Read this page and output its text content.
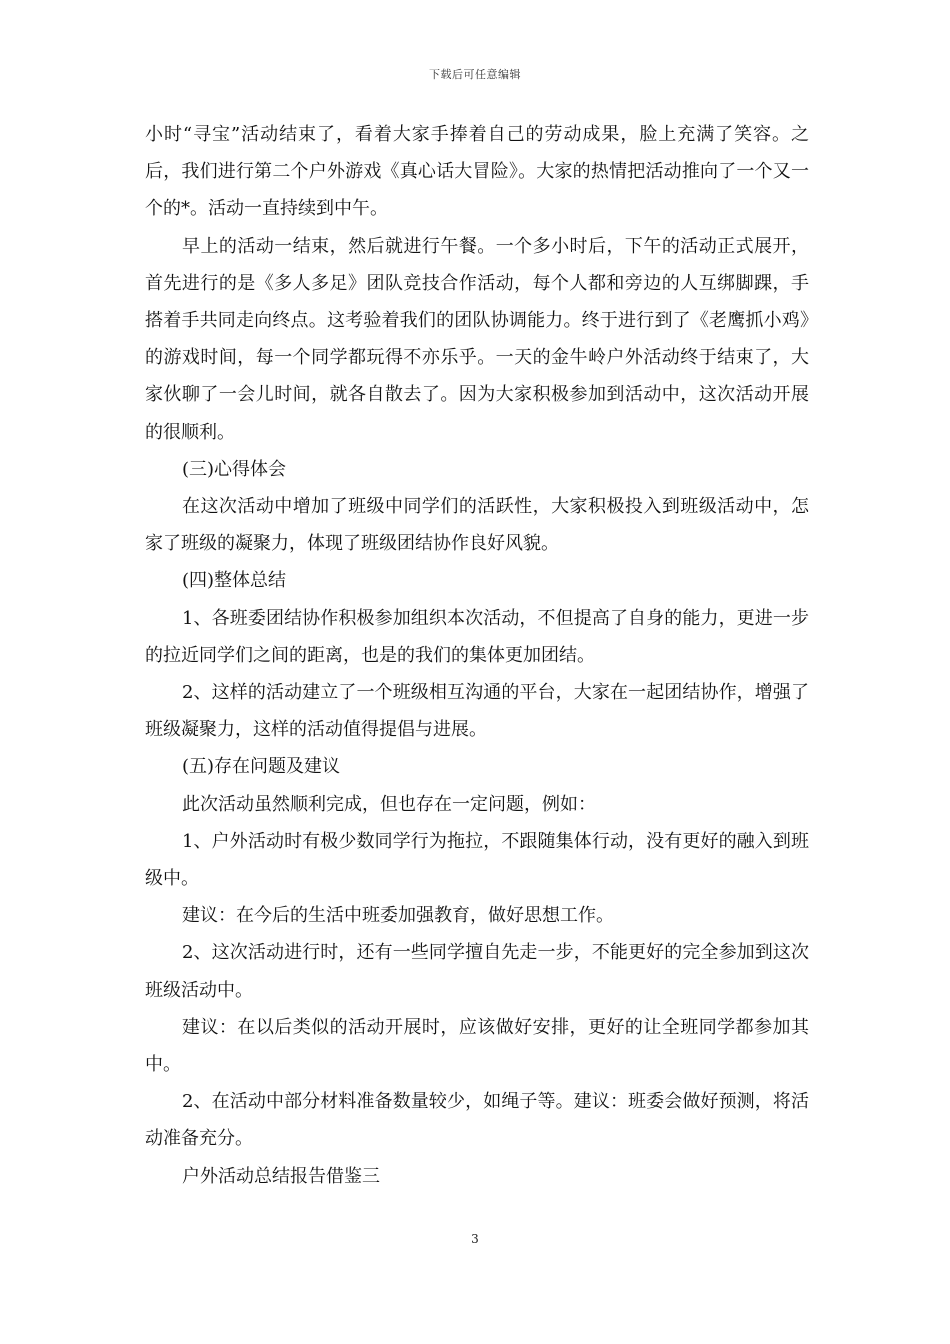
下载后可任意编辑

小时“寻宝”活动结束了，看着大家手捧着自己的劳动成果，脸上充满了笑容。之后，我们进行第二个户外游戏《真心话大冒险》。大家的热情把活动推向了一个又一个的*。活动一直持续到中午。

早上的活动一结束，然后就进行午餐。一个多小时后，下午的活动正式展开，首先进行的是《多人多足》团队竞技合作活动，每个人都和旁边的人互绑脚踝，手搭着手共同走向终点。这考验着我们的团队协调能力。终于进行到了《老鹰抓小鸡》的游戏时间，每一个同学都玩得不亦乐乎。一天的金牛岭户外活动终于结束了，大家伙聊了一会儿时间，就各自散去了。因为大家积极参加到活动中，这次活动开展的很顺利。

(三)心得体会

在这次活动中增加了班级中同学们的活跃性，大家积极投入到班级活动中，怎家了班级的凝聚力，体现了班级团结协作良好风貌。

(四)整体总结

1、各班委团结协作积极参加组织本次活动，不但提高了自身的能力，更进一步的拉近同学们之间的距离，也是的我们的集体更加团结。

2、这样的活动建立了一个班级相互沟通的平台，大家在一起团结协作，增强了班级凝聚力，这样的活动值得提倡与进展。

(五)存在问题及建议

此次活动虽然顺利完成，但也存在一定问题，例如：

1、户外活动时有极少数同学行为拖拉，不跟随集体行动，没有更好的融入到班级中。

建议：在今后的生活中班委加强教育，做好思想工作。

2、这次活动进行时，还有一些同学擅自先走一步，不能更好的完全参加到这次班级活动中。

建议：在以后类似的活动开展时，应该做好安排，更好的让全班同学都参加其中。

2、在活动中部分材料准备数量较少，如绳子等。建议：班委会做好预测，将活动准备充分。

户外活动总结报告借鉴三

3
